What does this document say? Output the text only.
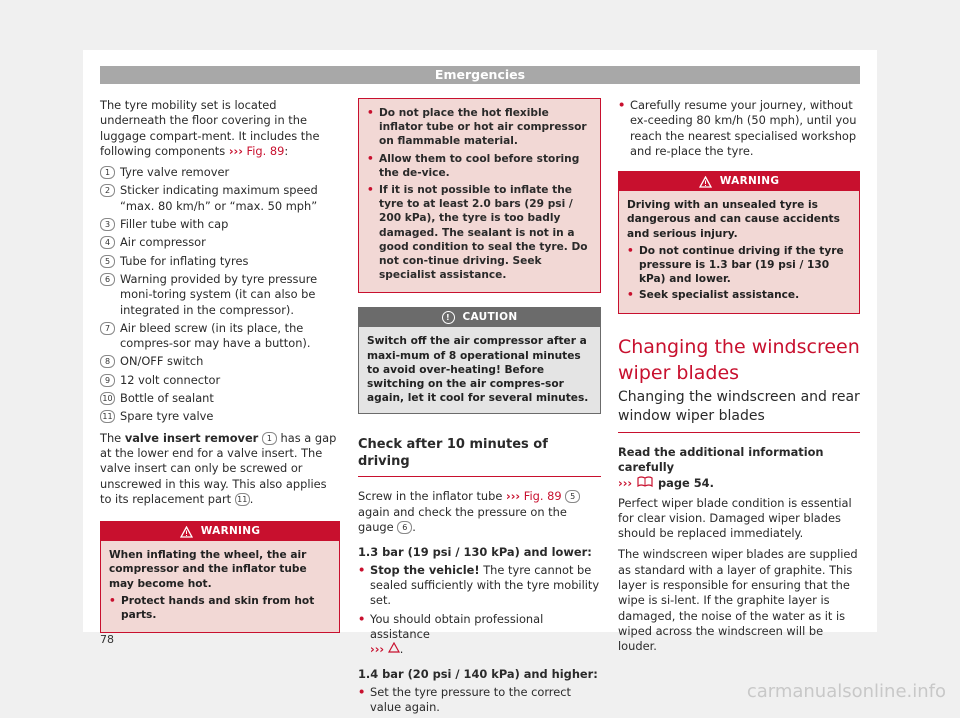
Emergencies

The tyre mobility set is located underneath the floor covering in the luggage compart-ment. It includes the following components ››› Fig. 89:

1 Tyre valve remover
2 Sticker indicating maximum speed “max. 80 km/h” or “max. 50 mph”
3 Filler tube with cap
4 Air compressor
5 Tube for inflating tyres
6 Warning provided by tyre pressure moni-toring system (it can also be integrated in the compressor).
7 Air bleed screw (in its place, the compres-sor may have a button).
8 ON/OFF switch
9 12 volt connector
10 Bottle of sealant
11 Spare tyre valve

The valve insert remover 1 has a gap at the lower end for a valve insert. The valve insert can only be screwed or unscrewed in this way. This also applies to its replacement part 11 .

WARNING
When inflating the wheel, the air compressor and the inflator tube may become hot.
• Protect hands and skin from hot parts.
• Do not place the hot flexible inflator tube or hot air compressor on flammable material.
• Allow them to cool before storing the de-vice.
• If it is not possible to inflate the tyre to at least 2.0 bars (29 psi / 200 kPa), the tyre is too badly damaged. The sealant is not in a good condition to seal the tyre. Do not con-tinue driving. Seek specialist assistance.
!	CAUTION
Switch off the air compressor after a maxi-mum of 8 operational minutes to avoid over-heating! Before switching on the air compres-sor again, let it cool for several minutes.
Check after 10 minutes of driving

Screw in the inflator tube ››› Fig. 89 5 again and check the pressure on the gauge 6 .

1.3 bar (19 psi / 130 kPa) and lower:

• Stop the vehicle! The tyre cannot be sealed sufficiently with the tyre mobility set.
• You should obtain professional assistance
››› .

1.4 bar (20 psi / 140 kPa) and higher:

• Set the tyre pressure to the correct value again.
• Carefully resume your journey, without ex-ceeding 80 km/h (50 mph), until you reach the nearest specialised workshop and re-place the tyre.
WARNING
Driving with an unsealed tyre is dangerous and can cause accidents and serious injury.
• Do not continue driving if the tyre pressure is 1.3 bar (19 psi / 130 kPa) and lower.
• Seek specialist assistance.
Changing the windscreen wiper blades
Changing the windscreen and rear window wiper blades

Read the additional information carefully
››› page 54.

Perfect wiper blade condition is essential for clear vision. Damaged wiper blades should be replaced immediately.

The windscreen wiper blades are supplied as standard with a layer of graphite. This layer is responsible for ensuring that the wipe is si-lent. If the graphite layer is damaged, the noise of the water as it is wiped across the windscreen will be louder.

78
carmanualsonline.info
